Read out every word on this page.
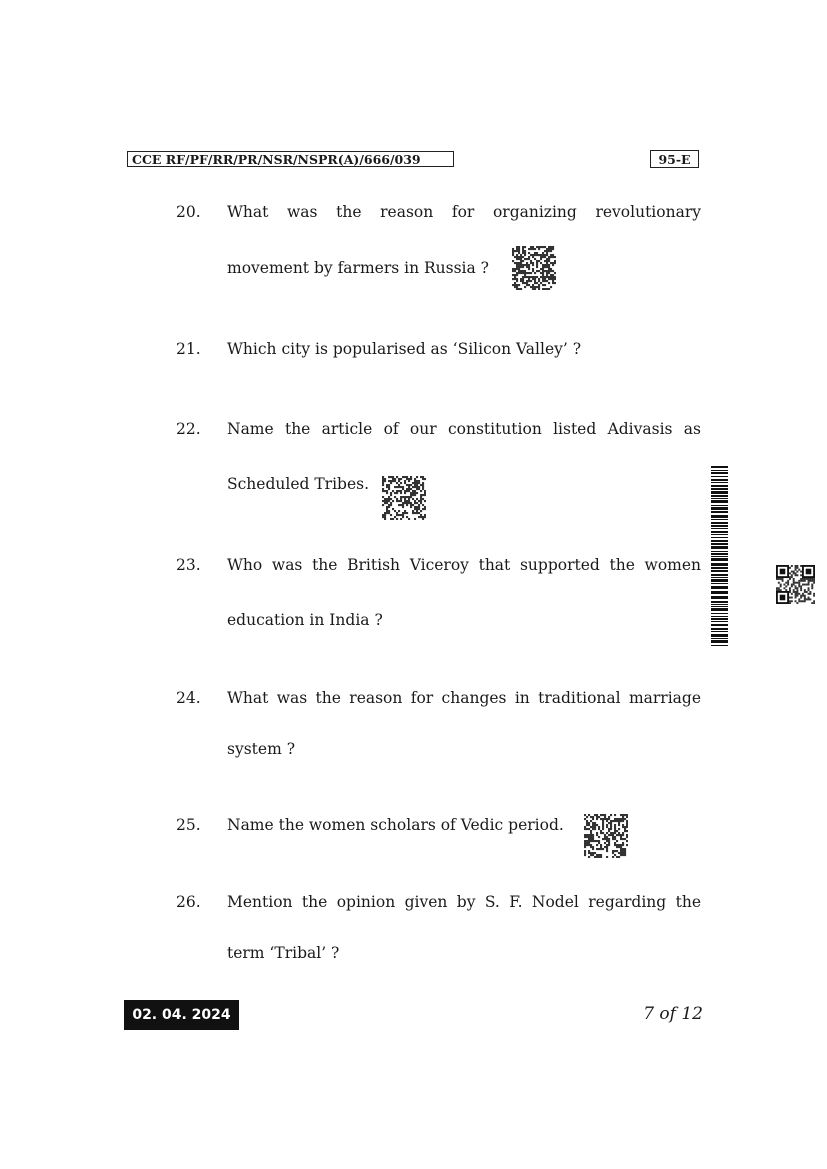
CCE RF/PF/RR/PR/NSR/NSPR(A)/666/039	95-E
20. What was the reason for organizing revolutionary
movement by farmers in Russia ?
21. Which city is popularised as ‘Silicon Valley’ ?
22. Name the article of our constitution listed Adivasis as
Scheduled Tribes.
23. Who was the British Viceroy that supported the women
education in India ?
24. What was the reason for changes in traditional marriage
system ?
25. Name the women scholars of Vedic period.
26. Mention the opinion given by S. F. Nodel regarding the
term ‘Tribal’ ?
02. 04. 2024	7 of 12
